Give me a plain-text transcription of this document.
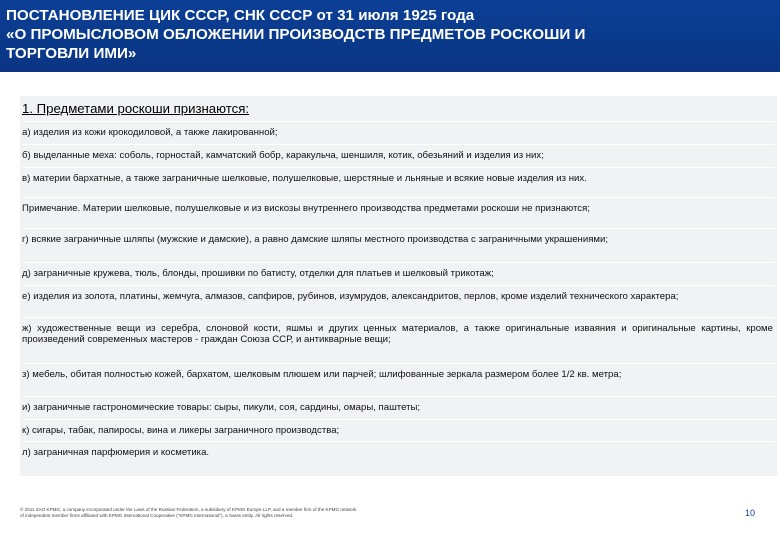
ПОСТАНОВЛЕНИЕ ЦИК СССР, СНК СССР от 31 июля 1925 года
«О ПРОМЫСЛОВОМ ОБЛОЖЕНИИ ПРОИЗВОДСТВ ПРЕДМЕТОВ РОСКОШИ И
ТОРГОВЛИ ИМИ»
1. Предметами роскоши признаются:
а) изделия из кожи крокодиловой, а также лакированной;
б) выделанные меха: соболь, горностай, камчатский бобр, каракульча, шеншиля, котик, обезьяний и изделия из них;
в) материи бархатные, а также заграничные шелковые, полушелковые, шерстяные и льняные и всякие новые изделия из них.
Примечание. Материи шелковые, полушелковые и из вискозы внутреннего производства предметами роскоши не признаются;
г) всякие заграничные шляпы (мужские и дамские), а равно дамские шляпы местного производства с заграничными украшениями;
д) заграничные кружева, тюль, блонды, прошивки по батисту, отделки для платьев и шелковый трикотаж;
е) изделия из золота, платины, жемчуга, алмазов, сапфиров, рубинов, изумрудов, александритов, перлов, кроме изделий технического характера;
ж) художественные вещи из серебра, слоновой кости, яшмы и других ценных материалов, а также оригинальные изваяния и оригинальные картины, кроме произведений современных мастеров - граждан Союза ССР, и антикварные вещи;
з) мебель, обитая полностью кожей, бархатом, шелковым плюшем или парчей; шлифованные зеркала размером более 1/2 кв. метра;
и) заграничные гастрономические товары: сыры, пикули, соя, сардины, омары, паштеты;
к) сигары, табак, папиросы, вина и ликеры заграничного производства;
л) заграничная парфюмерия и косметика.
© 2011 ZAO KPMG, a company incorporated under the Laws of the Russian Federation, a subsidiary of KPMG Europe LLP, and a member firm of the KPMG network
of independent member firms affiliated with KPMG International Cooperative ("KPMG International"), a Swiss entity. All rights reserved.	10
